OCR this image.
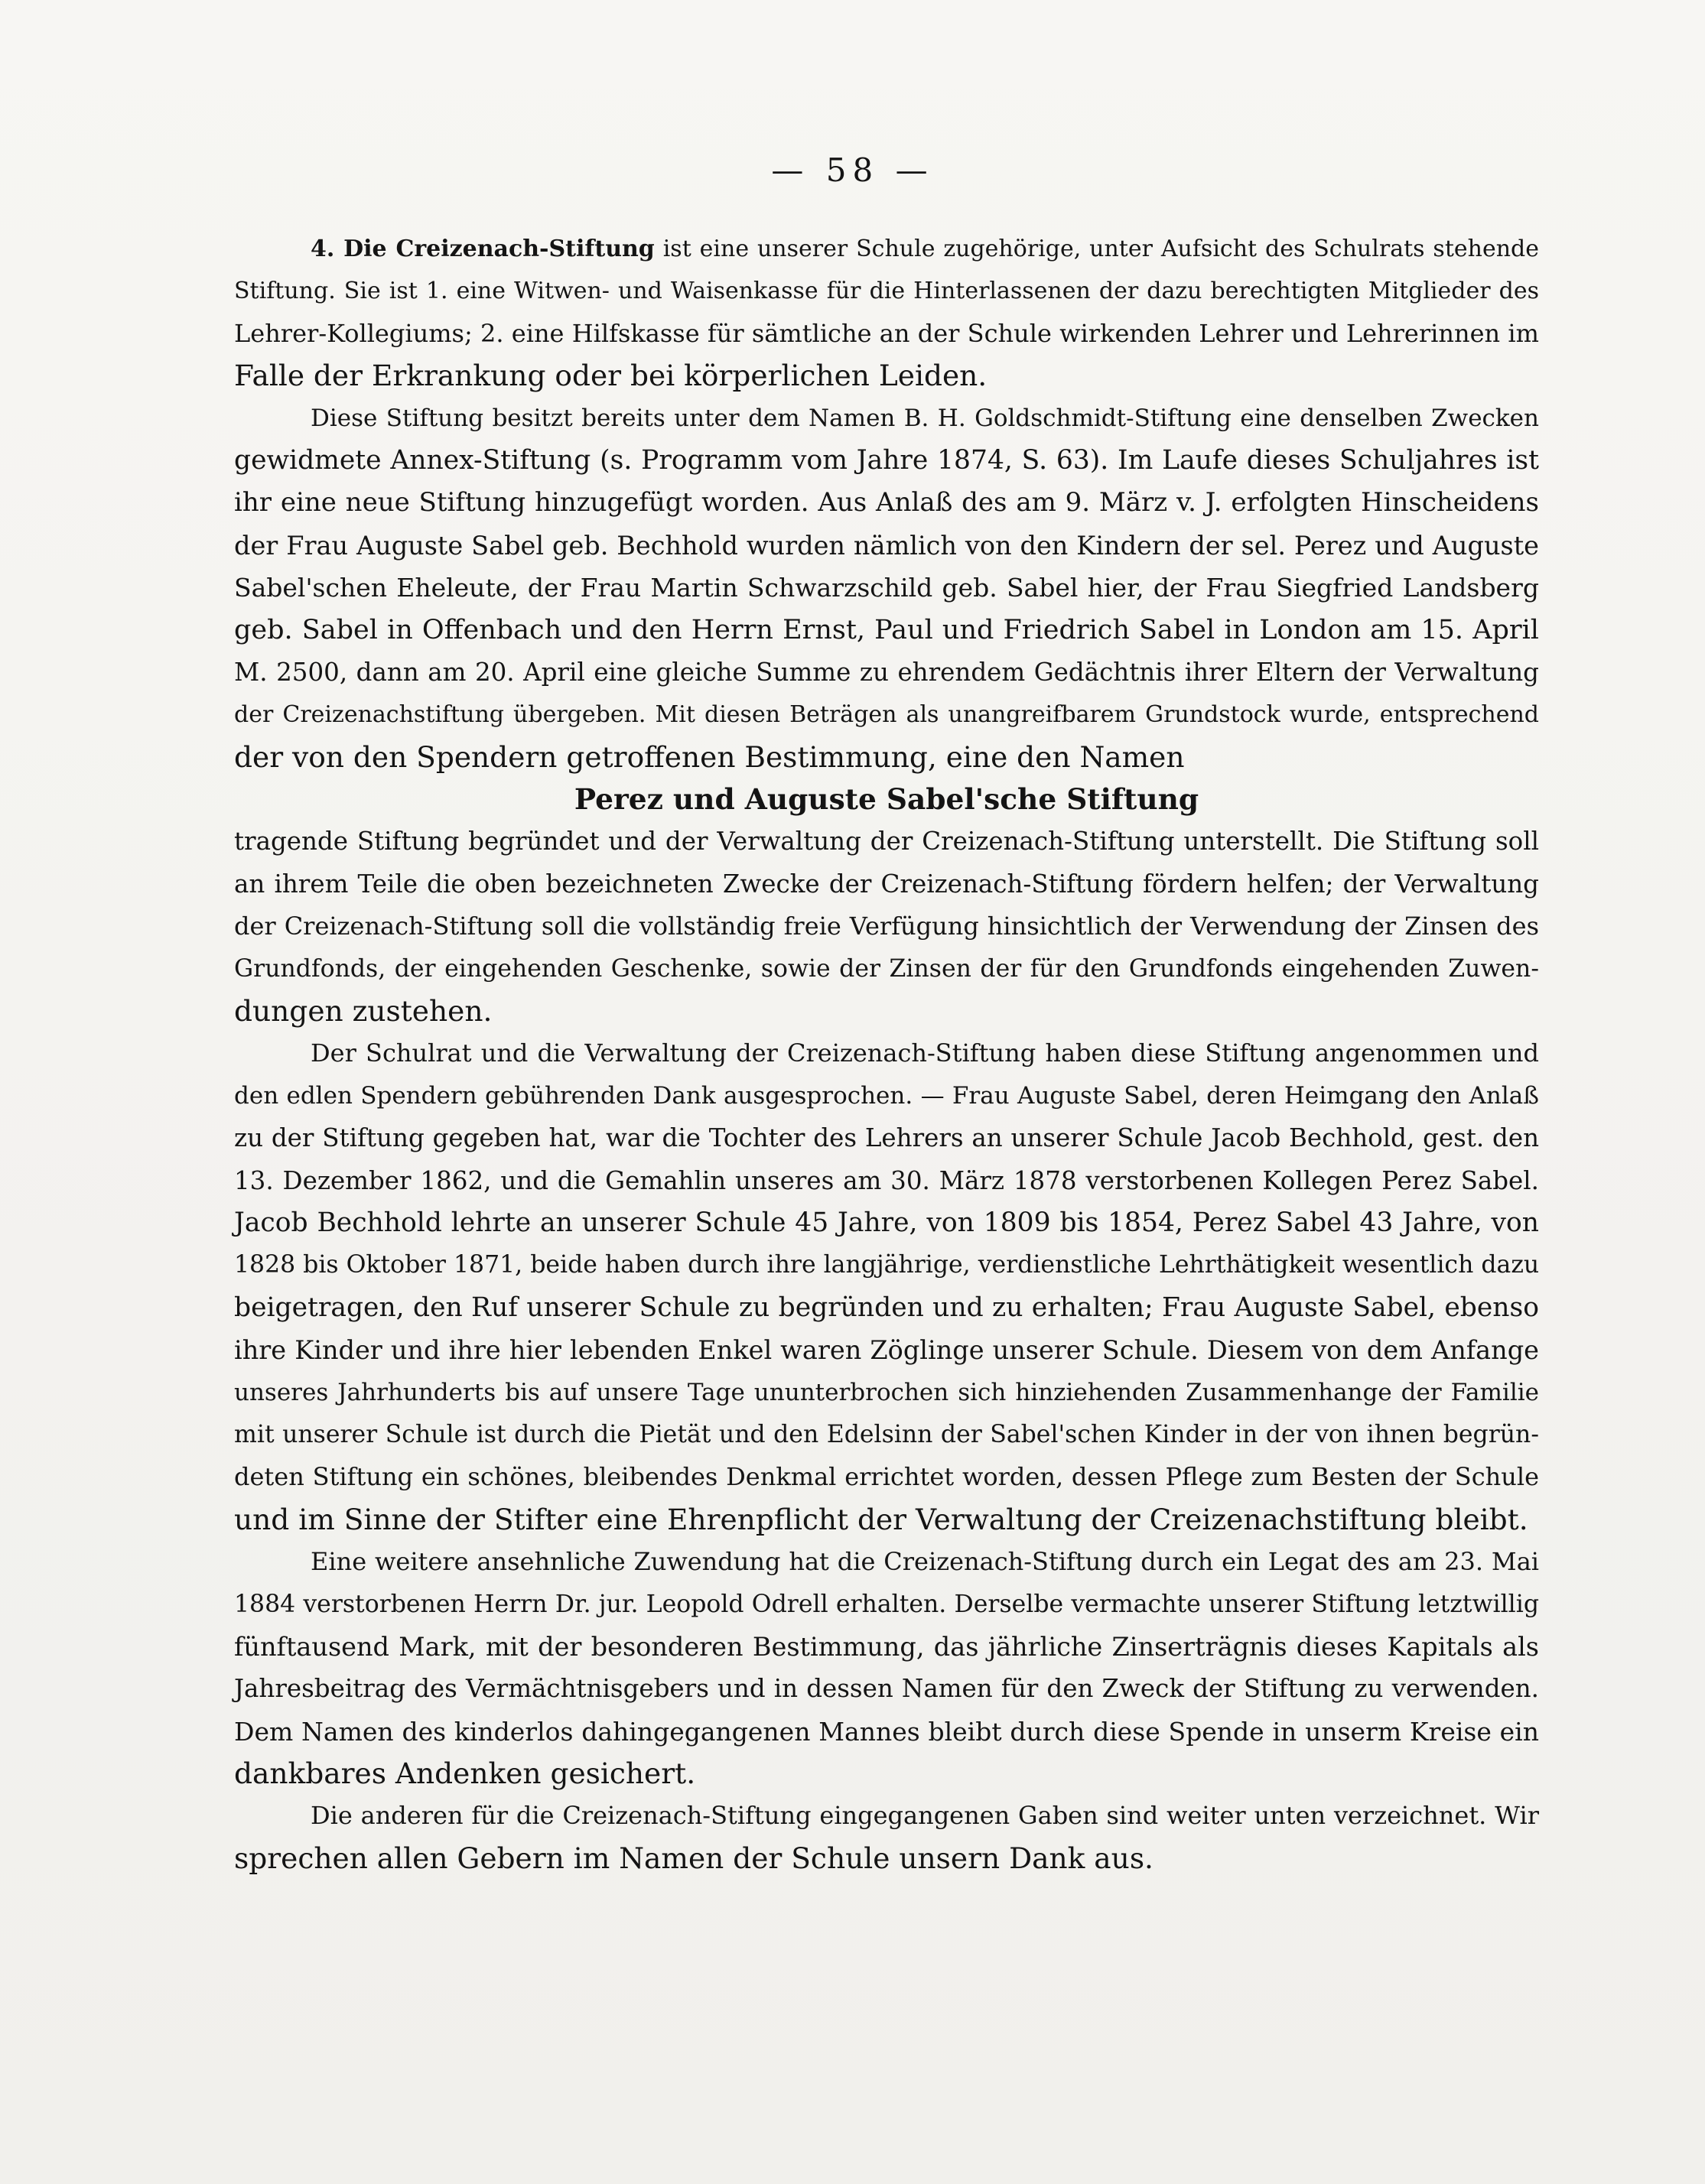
— 58 —
4. Die Creizenach-Stiftung ist eine unserer Schule zugehörige, unter Aufsicht des Schulrats stehende
Stiftung. Sie ist 1. eine Witwen- und Waisenkasse für die Hinterlassenen der dazu berechtigten Mitglieder des
Lehrer-Kollegiums; 2. eine Hilfskasse für sämtliche an der Schule wirkenden Lehrer und Lehrerinnen im
Falle der Erkrankung oder bei körperlichen Leiden.
Diese Stiftung besitzt bereits unter dem Namen B. H. Goldschmidt-Stiftung eine denselben Zwecken
gewidmete Annex-Stiftung (s. Programm vom Jahre 1874, S. 63). Im Laufe dieses Schuljahres ist
ihr eine neue Stiftung hinzugefügt worden. Aus Anlaß des am 9. März v. J. erfolgten Hinscheidens
der Frau Auguste Sabel geb. Bechhold wurden nämlich von den Kindern der sel. Perez und Auguste
Sabel'schen Eheleute, der Frau Martin Schwarzschild geb. Sabel hier, der Frau Siegfried Landsberg
geb. Sabel in Offenbach und den Herrn Ernst, Paul und Friedrich Sabel in London am 15. April
M. 2500, dann am 20. April eine gleiche Summe zu ehrendem Gedächtnis ihrer Eltern der Verwaltung
der Creizenachstiftung übergeben. Mit diesen Beträgen als unangreifbarem Grundstock wurde, entsprechend
der von den Spendern getroffenen Bestimmung, eine den Namen
Perez und Auguste Sabel'sche Stiftung
tragende Stiftung begründet und der Verwaltung der Creizenach-Stiftung unterstellt. Die Stiftung soll
an ihrem Teile die oben bezeichneten Zwecke der Creizenach-Stiftung fördern helfen; der Verwaltung
der Creizenach-Stiftung soll die vollständig freie Verfügung hinsichtlich der Verwendung der Zinsen des
Grundfonds, der eingehenden Geschenke, sowie der Zinsen der für den Grundfonds eingehenden Zuwen-
dungen zustehen.
Der Schulrat und die Verwaltung der Creizenach-Stiftung haben diese Stiftung angenommen und
den edlen Spendern gebührenden Dank ausgesprochen. — Frau Auguste Sabel, deren Heimgang den Anlaß
zu der Stiftung gegeben hat, war die Tochter des Lehrers an unserer Schule Jacob Bechhold, gest. den
13. Dezember 1862, und die Gemahlin unseres am 30. März 1878 verstorbenen Kollegen Perez Sabel.
Jacob Bechhold lehrte an unserer Schule 45 Jahre, von 1809 bis 1854, Perez Sabel 43 Jahre, von
1828 bis Oktober 1871, beide haben durch ihre langjährige, verdienstliche Lehrthätigkeit wesentlich dazu
beigetragen, den Ruf unserer Schule zu begründen und zu erhalten; Frau Auguste Sabel, ebenso
ihre Kinder und ihre hier lebenden Enkel waren Zöglinge unserer Schule. Diesem von dem Anfange
unseres Jahrhunderts bis auf unsere Tage ununterbrochen sich hinziehenden Zusammenhange der Familie
mit unserer Schule ist durch die Pietät und den Edelsinn der Sabel'schen Kinder in der von ihnen begrün-
deten Stiftung ein schönes, bleibendes Denkmal errichtet worden, dessen Pflege zum Besten der Schule
und im Sinne der Stifter eine Ehrenpflicht der Verwaltung der Creizenachstiftung bleibt.
Eine weitere ansehnliche Zuwendung hat die Creizenach-Stiftung durch ein Legat des am 23. Mai
1884 verstorbenen Herrn Dr. jur. Leopold Odrell erhalten. Derselbe vermachte unserer Stiftung letztwillig
fünftausend Mark, mit der besonderen Bestimmung, das jährliche Zinserträgnis dieses Kapitals als
Jahresbeitrag des Vermächtnisgebers und in dessen Namen für den Zweck der Stiftung zu verwenden.
Dem Namen des kinderlos dahingegangenen Mannes bleibt durch diese Spende in unserm Kreise ein
dankbares Andenken gesichert.
Die anderen für die Creizenach-Stiftung eingegangenen Gaben sind weiter unten verzeichnet. Wir
sprechen allen Gebern im Namen der Schule unsern Dank aus.
